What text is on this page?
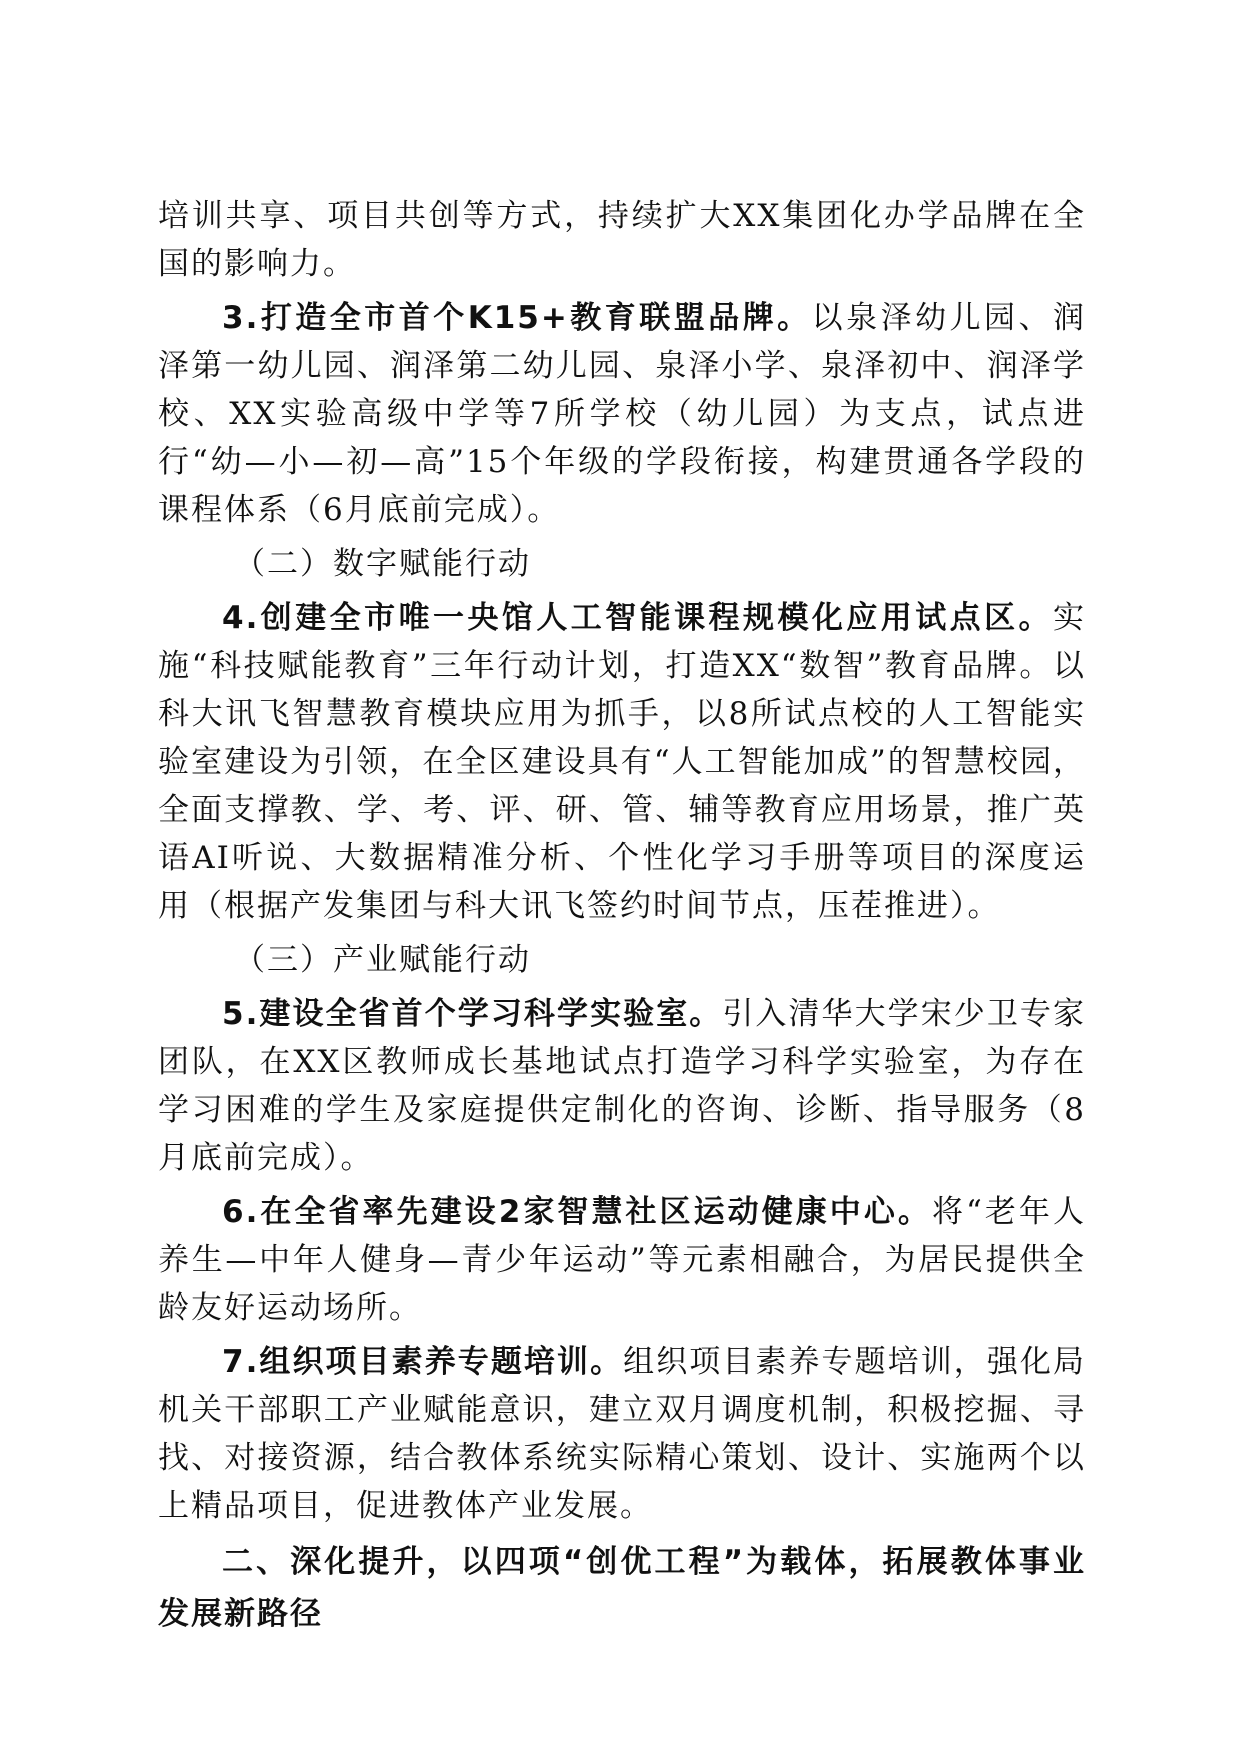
培训共享、项目共创等方式，持续扩大XX集团化办学品牌在全国的影响力。

3.打造全市首个K15+教育联盟品牌。以泉泽幼儿园、润泽第一幼儿园、润泽第二幼儿园、泉泽小学、泉泽初中、润泽学校、XX实验高级中学等7所学校（幼儿园）为支点，试点进行“幼—小—初—高”15个年级的学段衔接，构建贯通各学段的课程体系（6月底前完成）。

（二）数字赋能行动

4.创建全市唯一央馆人工智能课程规模化应用试点区。实施“科技赋能教育”三年行动计划，打造XX“数智”教育品牌。以科大讯飞智慧教育模块应用为抓手，以8所试点校的人工智能实验室建设为引领，在全区建设具有“人工智能加成”的智慧校园，全面支撑教、学、考、评、研、管、辅等教育应用场景，推广英语AI听说、大数据精准分析、个性化学习手册等项目的深度运用（根据产发集团与科大讯飞签约时间节点，压茬推进）。

（三）产业赋能行动

5.建设全省首个学习科学实验室。引入清华大学宋少卫专家团队，在XX区教师成长基地试点打造学习科学实验室，为存在学习困难的学生及家庭提供定制化的咨询、诊断、指导服务（8月底前完成）。

6.在全省率先建设2家智慧社区运动健康中心。将“老年人养生—中年人健身—青少年运动”等元素相融合，为居民提供全龄友好运动场所。

7.组织项目素养专题培训。组织项目素养专题培训，强化局机关干部职工产业赋能意识，建立双月调度机制，积极挖掘、寻找、对接资源，结合教体系统实际精心策划、设计、实施两个以上精品项目，促进教体产业发展。

二、深化提升，以四项“创优工程”为载体，拓展教体事业发展新路径
